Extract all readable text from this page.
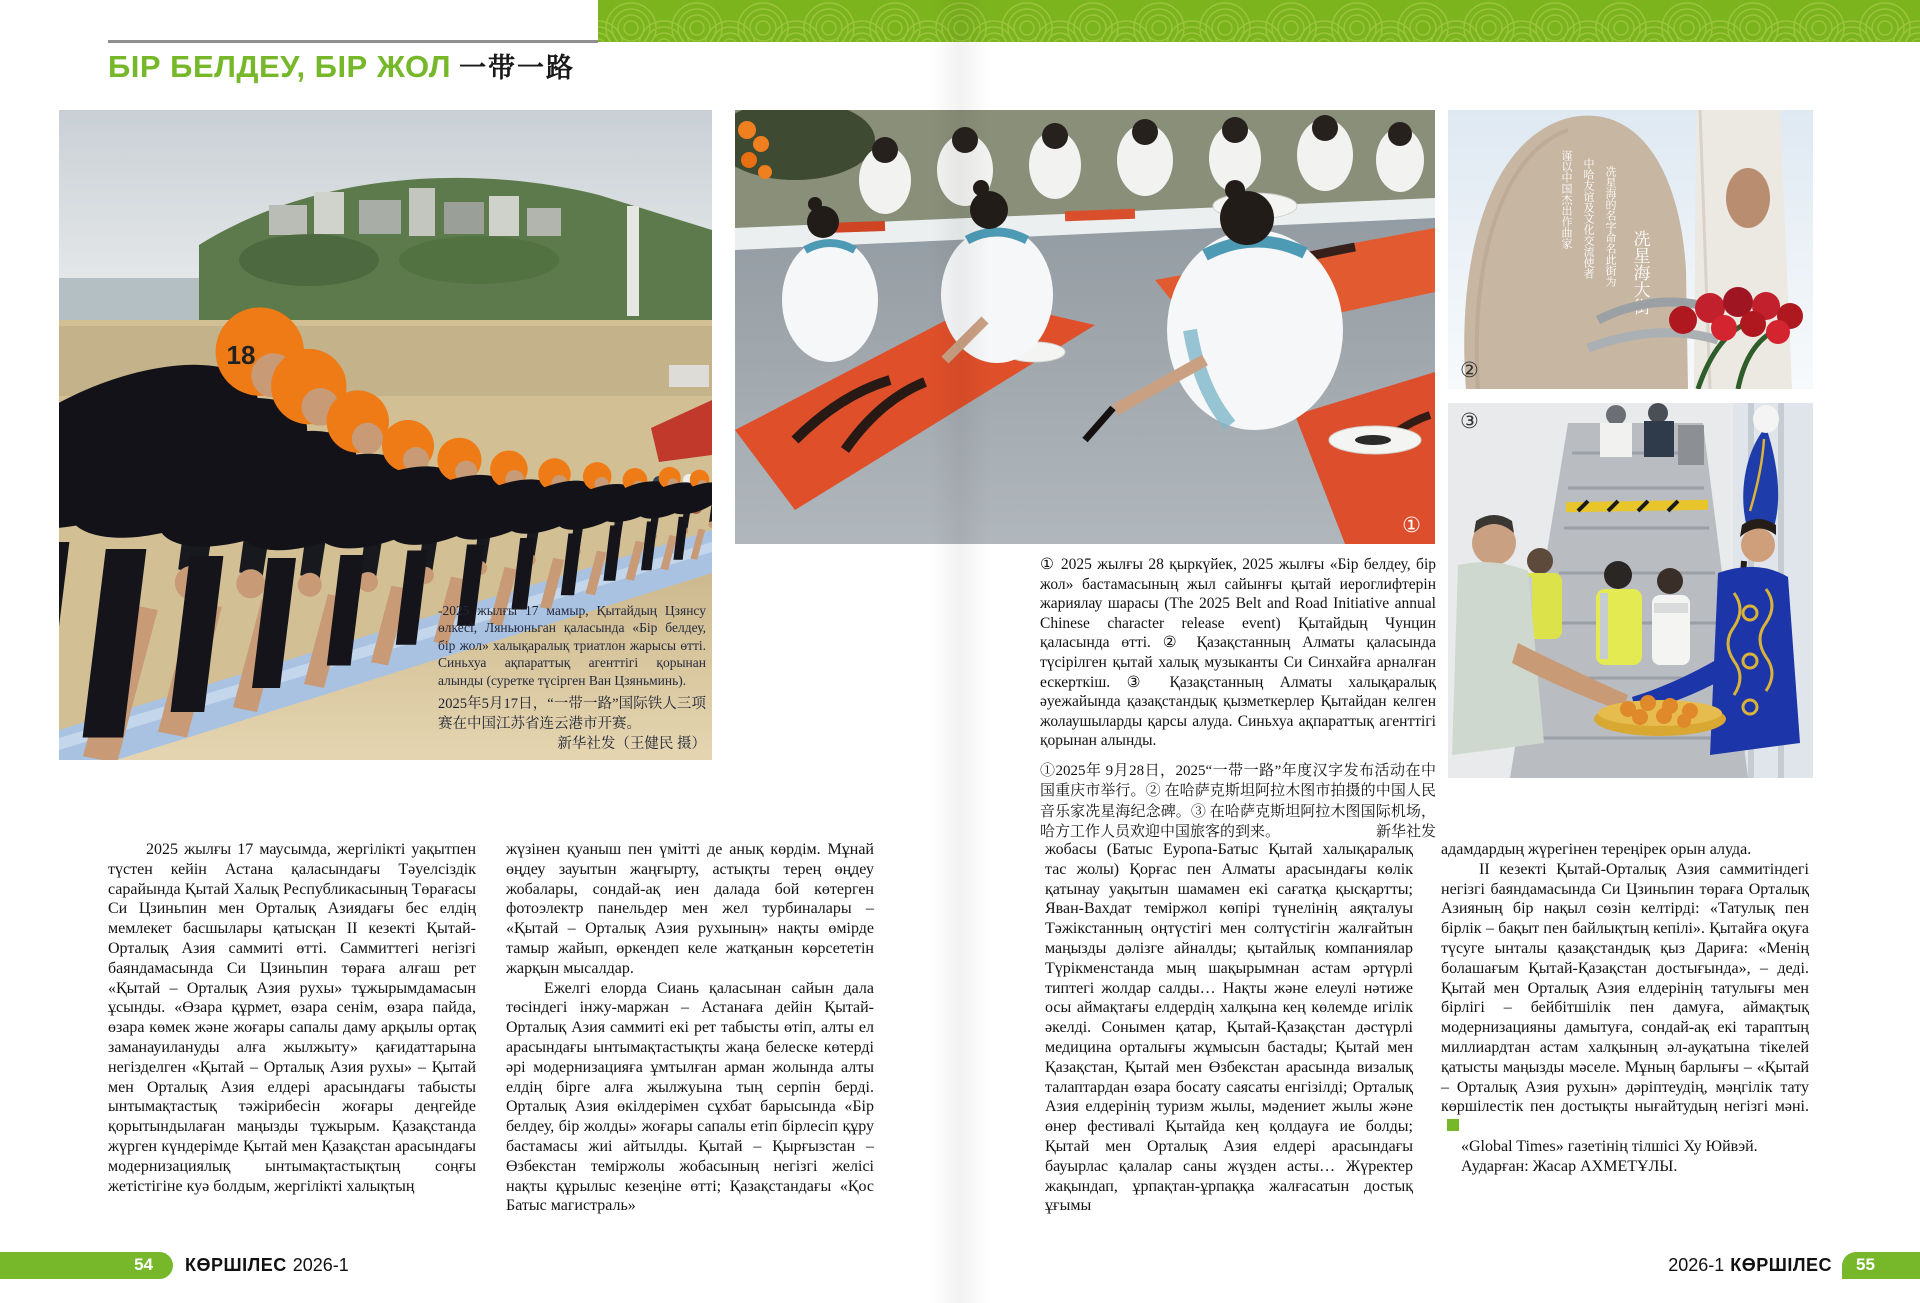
БІР БЕЛДЕУ, БІР ЖОЛ 一带一路
18

-2025 жылғы 17 мамыр, Қытайдың Цзянсу өлкесі, Ляньюньган қаласында «Бір белдеу, бір жол» халықаралық триатлон жарысы өтті. Синьхуа ақпараттық агенттігі қорынан алынды (суретке түсірген Ван Цзяньминь).

2025年5月17日，“一带一路”国际铁人三项赛在中国江苏省连云港市开赛。
新华社发（王健民 摄）

①
谨以中国杰出作曲家 中哈友谊及文化交流使者 冼星海的名字命名此街为 冼星海大街
②
③

① 2025 жылғы 28 қыркүйек, 2025 жылғы «Бір белдеу, бір жол» бастамасының жыл сайынғы қытай иероглифтерін жариялау шарасы (The 2025 Belt and Road Initiative annual Chinese character release event) Қытайдың Чунцин қаласында өтті. ② Қазақстанның Алматы қаласында түсірілген қытай халық музыканты Си Синхайға арналған ескерткіш. ③ Қазақстанның Алматы халықаралық әуежайында қазақстандық қызметкерлер Қытайдан келген жолаушыларды қарсы алуда. Синьхуа ақпараттық агенттігі қорынан алынды.

①2025年 9月28日，2025“一带一路”年度汉字发布活动在中国重庆市举行。② 在哈萨克斯坦阿拉木图市拍摄的中国人民音乐家冼星海纪念碑。③ 在哈萨克斯坦阿拉木图国际机场，哈方工作人员欢迎中国旅客的到来。	新华社发

2025 жылғы 17 маусымда, жергілікті уақытпен түстен кейін Астана қаласындағы Тәуелсіздік сарайында Қытай Халық Республикасының Төрағасы Си Цзиньпин мен Орталық Азиядағы бес елдің мемлекет басшылары қатысқан II кезекті Қытай-Орталық Азия саммиті өтті. Саммиттегі негізгі баяндамасында Си Цзиньпин төраға алғаш рет «Қытай – Орталық Азия рухы» тұжырымдамасын ұсынды. «Өзара құрмет, өзара сенім, өзара пайда, өзара көмек және жоғары сапалы даму арқылы ортақ заманауилануды алға жылжыту» қағидаттарына негізделген «Қытай – Орталық Азия рухы» – Қытай мен Орталық Азия елдері арасындағы табысты ынтымақтастық тәжірибесін жоғары деңгейде қорытындылаған маңызды тұжырым. Қазақстанда жүрген күндерімде Қытай мен Қазақстан арасындағы модернизациялық ынтымақтастықтың соңғы жетістігіне куә болдым, жергілікті халықтың

жүзінен қуаныш пен үмітті де анық көрдім. Мұнай өңдеу зауытын жаңғырту, астықты терең өңдеу жобалары, сондай-ақ иен далада бой көтерген фотоэлектр панельдер мен жел турбиналары – «Қытай – Орталық Азия рухының» нақты өмірде тамыр жайып, өркендеп келе жатқанын көрсететін жарқын мысалдар.

Ежелгі елорда Сиань қаласынан сайын дала төсіндегі інжу-маржан – Астанаға дейін Қытай-Орталық Азия саммиті екі рет табысты өтіп, алты ел арасындағы ынтымақтастықты жаңа белеске көтерді әрі модернизацияға ұмтылған арман жолында алты елдің бірге алға жылжуына тың серпін берді. Орталық Азия өкілдерімен сұхбат барысында «Бір белдеу, бір жолды» жоғары сапалы етіп бірлесіп құру бастамасы жиі айтылды. Қытай – Қырғызстан – Өзбекстан теміржолы жобасының негізгі желісі нақты құрылыс кезеңіне өтті; Қазақстандағы «Қос Батыс магистраль»

жобасы (Батыс Еуропа-Батыс Қытай халықаралық тас жолы) Қорғас пен Алматы арасындағы көлік қатынау уақытын шамамен екі сағатқа қысқартты; Яван-Вахдат теміржол көпірі түнелінің аяқталуы Тәжікстанның оңтүстігі мен солтүстігін жалғайтын маңызды дәлізге айналды; қытайлық компаниялар Түрікменстанда мың шақырымнан астам әртүрлі типтегі жолдар салды… Нақты және елеулі нәтиже осы аймақтағы елдердің халқына кең көлемде игілік әкелді. Сонымен қатар, Қытай-Қазақстан дәстүрлі медицина орталығы жұмысын бастады; Қытай мен Қазақстан, Қытай мен Өзбекстан арасында визалық талаптардан өзара босату саясаты енгізілді; Орталық Азия елдерінің туризм жылы, мәдениет жылы және өнер фестивалі Қытайда кең қолдауға ие болды; Қытай мен Орталық Азия елдері арасындағы бауырлас қалалар саны жүзден асты… Жүректер жақындап, ұрпақтан-ұрпаққа жалғасатын достық ұғымы

адамдардың жүрегінен тереңірек орын алуда.

II кезекті Қытай-Орталық Азия саммитіндегі негізгі баяндамасында Си Цзиньпин төраға Орталық Азияның бір нақыл сөзін келтірді: «Татулық пен бірлік – бақыт пен байлықтың кепілі». Қытайға оқуға түсуге ынталы қазақстандық қыз Дариға: «Менің болашағым Қытай-Қазақстан достығында», – деді. Қытай мен Орталық Азия елдерінің татулығы мен бірлігі – бейбітшілік пен дамуға, аймақтық модернизацияны дамытуға, сондай-ақ екі тараптың миллиардтан астам халқының әл-ауқатына тікелей қатысты маңызды мәселе. Мұның барлығы – «Қытай – Орталық Азия рухын» дәріптеудің, мәңгілік тату көршілестік пен достықты нығайтудың негізгі мәні.

«Global Times» газетінің тілшісі Ху Юйвэй.

Аударған: Жасар АХМЕТҰЛЫ.

54 КӨРШІЛЕС 2026-1	2026-1 КӨРШІЛЕС 55
